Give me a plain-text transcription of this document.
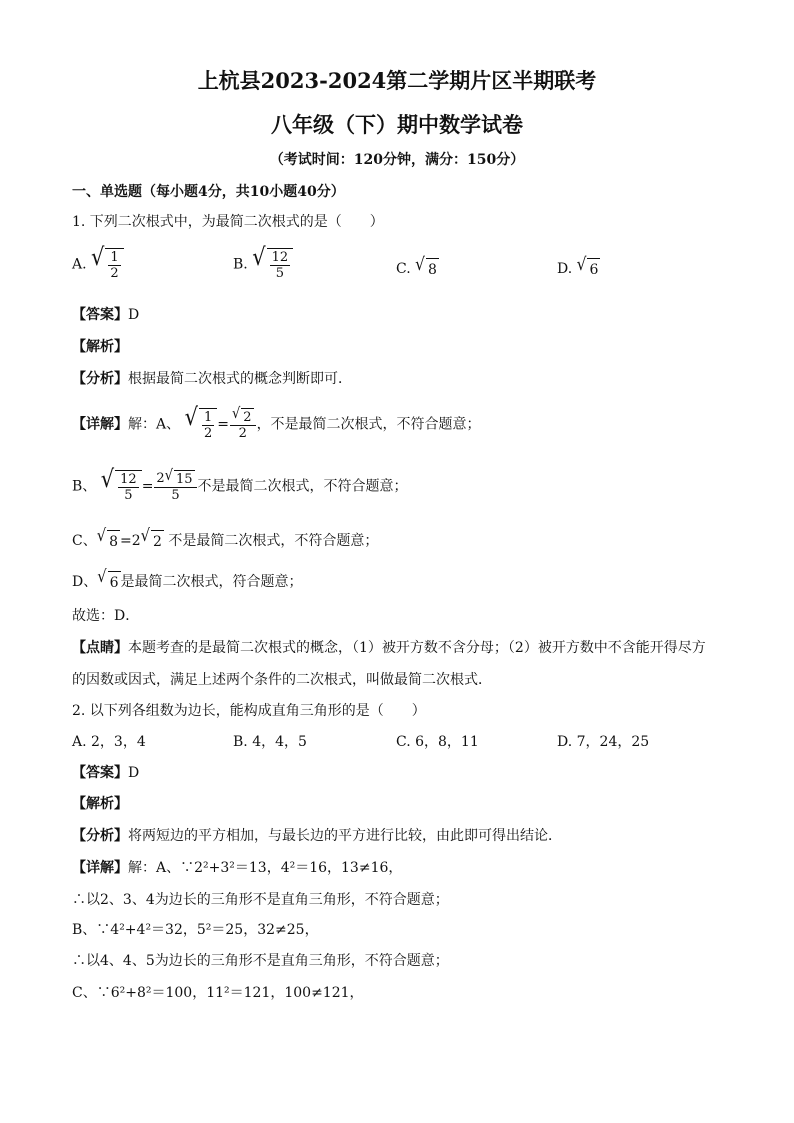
上杭县2023-2024第二学期片区半期联考
八年级（下）期中数学试卷
（考试时间：120分钟，满分：150分）
一、单选题（每小题4分，共10小题40分）
1. 下列二次根式中，为最简二次根式的是（　　）
A. √ $\frac{1}{2}$	B. √ $\frac{12}{5}$	C. √ 8	D. √ 6
【答案】D
【解析】
【分析】根据最简二次根式的概念判断即可．
【详解】解：A、 √ $\frac{1}{2} = \frac{√ 2}{2}$ ，不是最简二次根式，不符合题意；
B、 √ $\frac{12}{5} = \frac{2 √ 15}{5}$ 不是最简二次根式，不符合题意；
C、 √ 8 =2 √ 2 不是最简二次根式，不符合题意；
D、 √ 6 是最简二次根式，符合题意；
故选：D．
【点睛】本题考查的是最简二次根式的概念，（1）被开方数不含分母；（2）被开方数中不含能开得尽方
的因数或因式，满足上述两个条件的二次根式，叫做最简二次根式．
2. 以下列各组数为边长，能构成直角三角形的是（　　）
A. 2，3，4	B. 4，4，5	C. 6，8，11	D. 7，24，25
【答案】D
【解析】
【分析】将两短边的平方相加，与最长边的平方进行比较，由此即可得出结论．
【详解】解：A、∵2²+3²＝13，4²＝16，13≠16，
∴以2、3、4为边长的三角形不是直角三角形，不符合题意；
B、∵4²+4²＝32，5²＝25，32≠25，
∴以4、4、5为边长的三角形不是直角三角形，不符合题意；
C、∵6²+8²＝100，11²＝121，100≠121，
